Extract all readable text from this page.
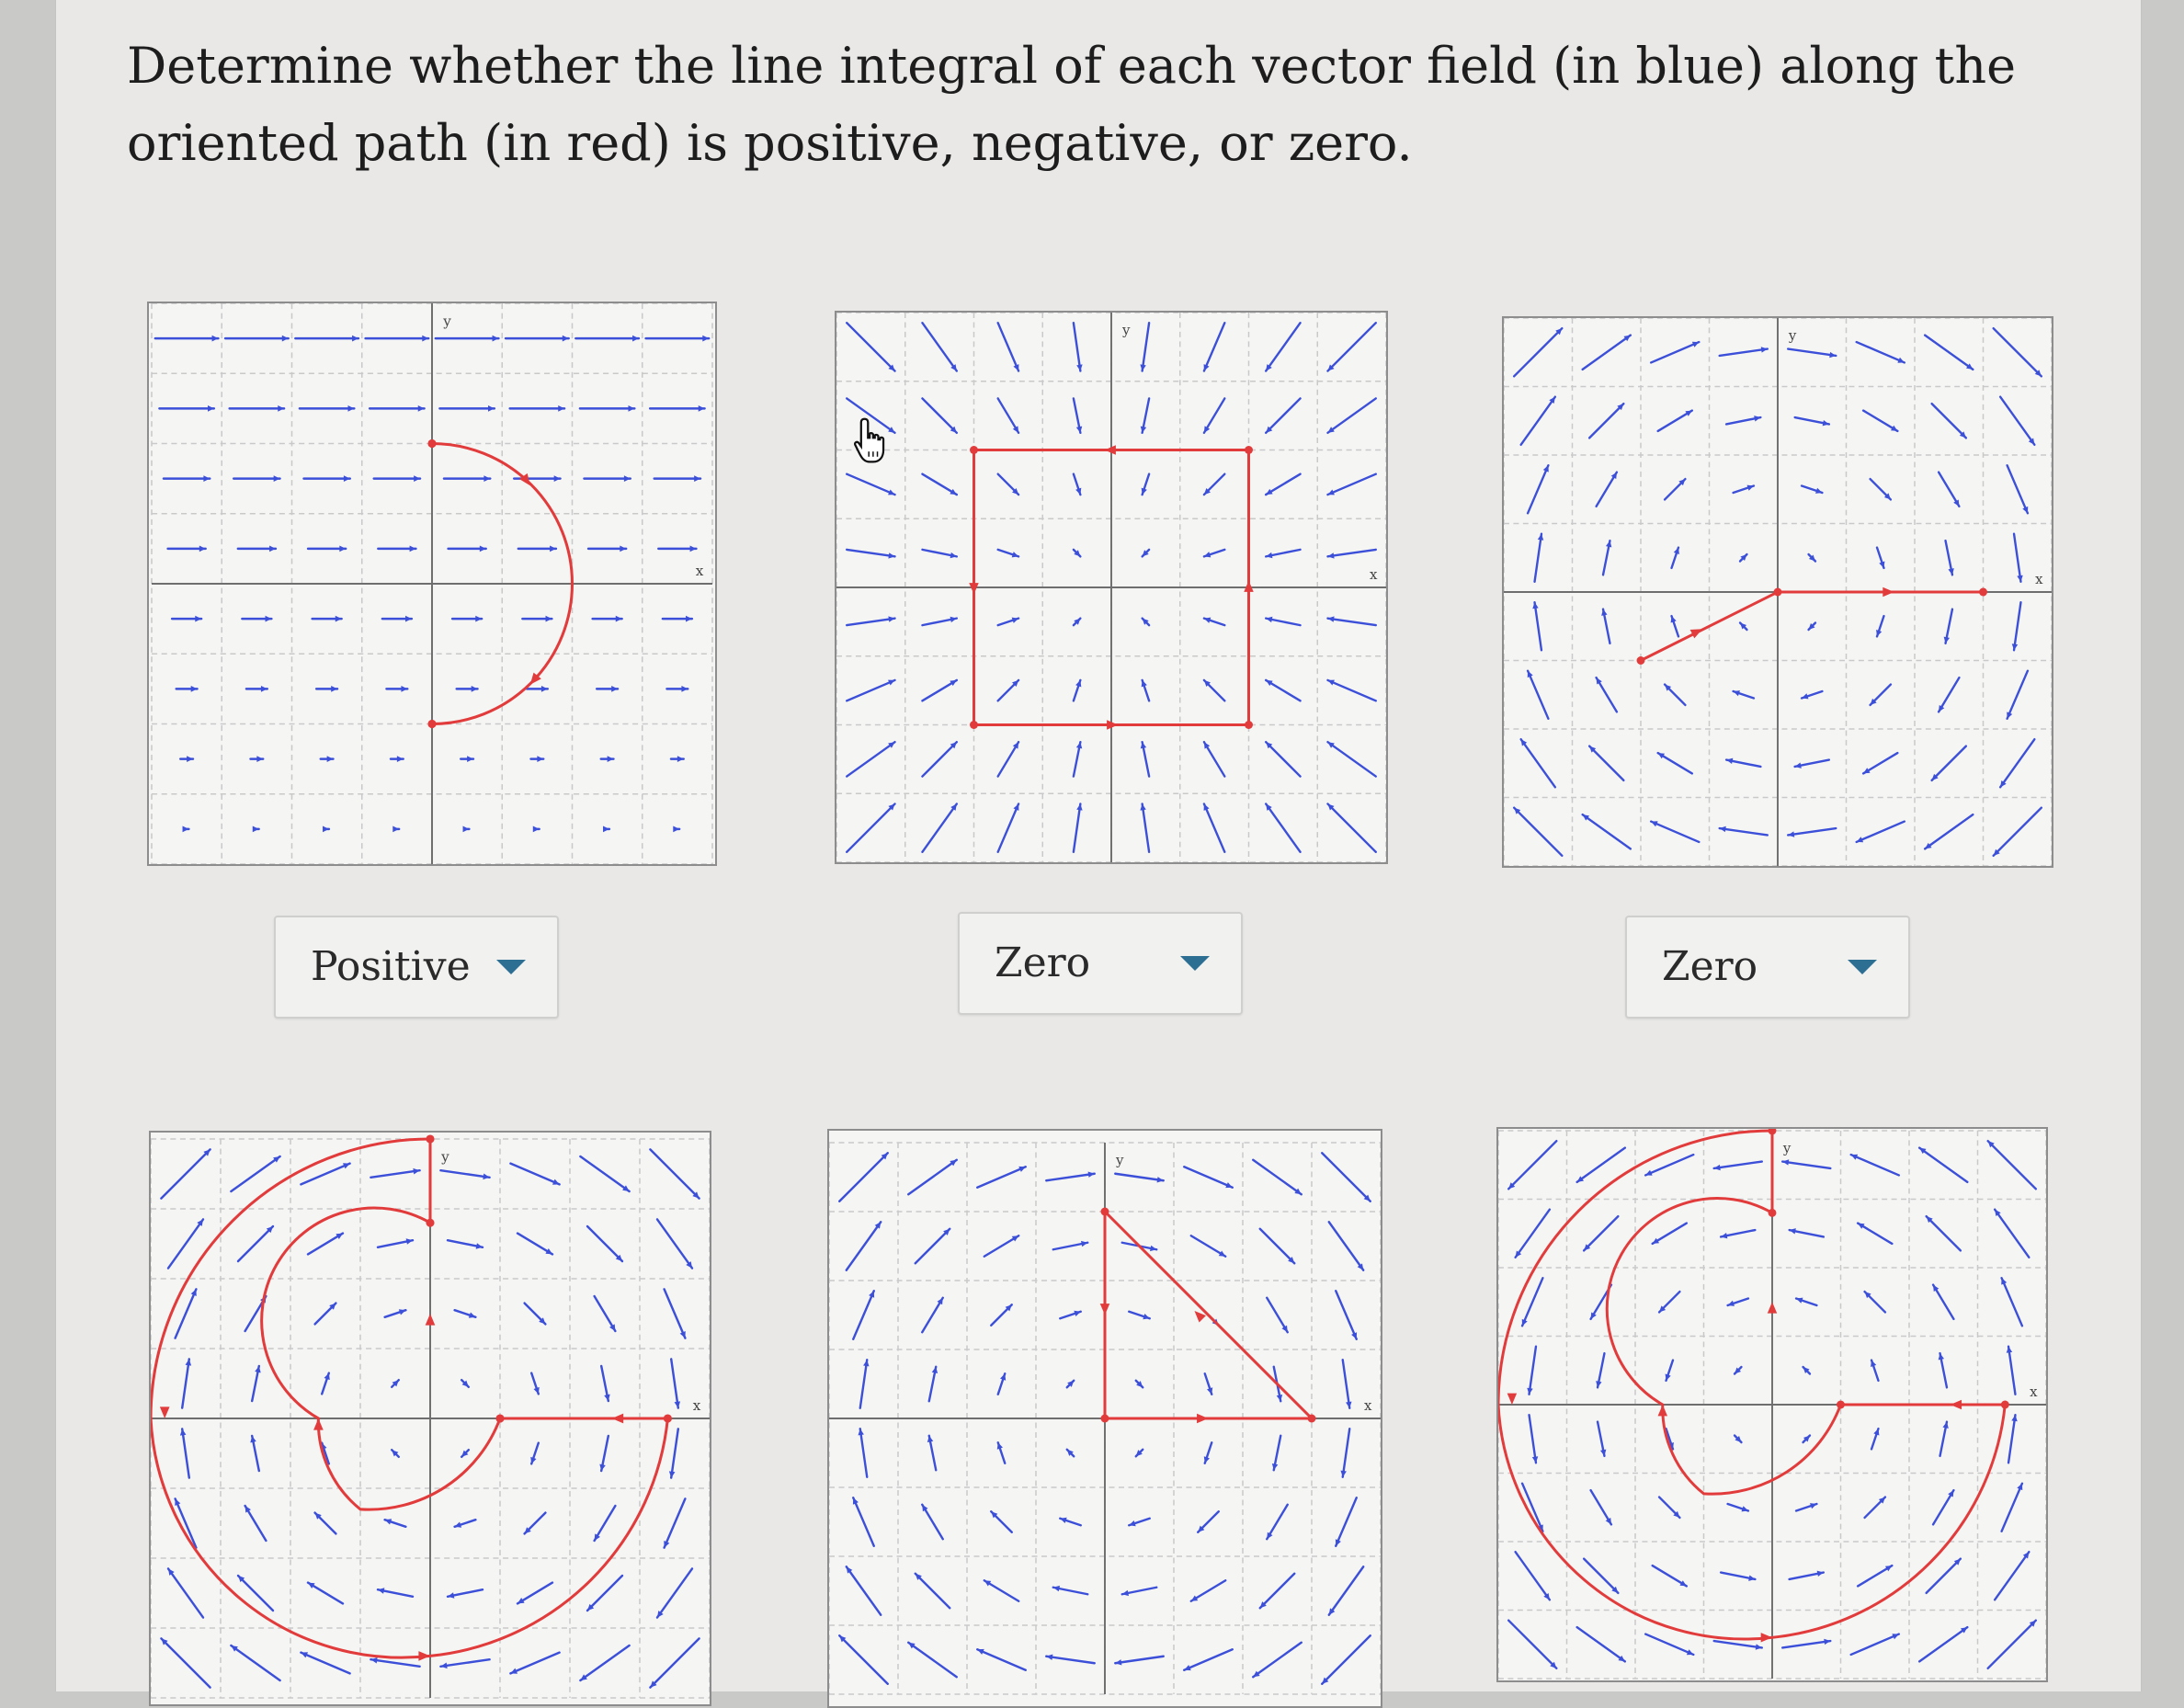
Determine whether the line integral of each vector field (in blue) along the oriented path (in red) is positive, negative, or zero.

y
x
y
x
y
x
Positive	Zero	Zero
y
x
y
x
y
x
